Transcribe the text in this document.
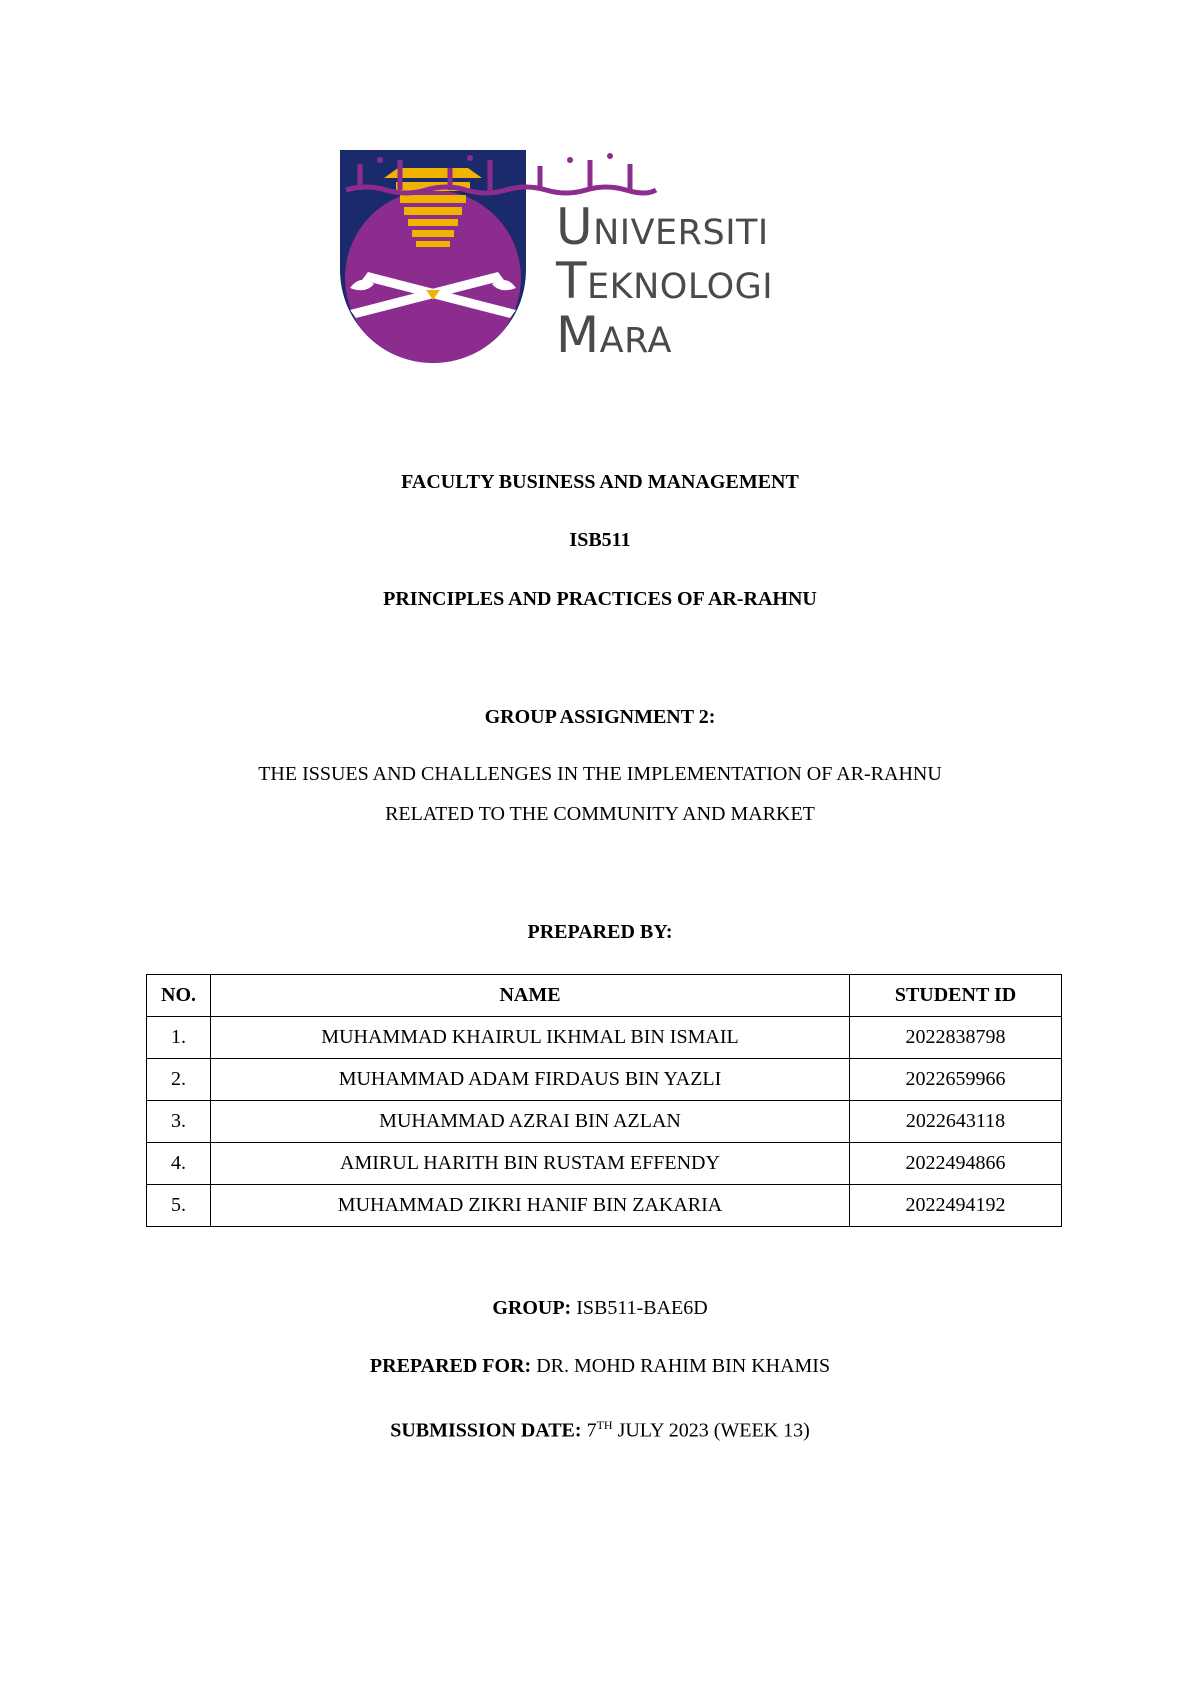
Universiti
Teknologi
Mara
FACULTY BUSINESS AND MANAGEMENT
ISB511
PRINCIPLES AND PRACTICES OF AR-RAHNU
GROUP ASSIGNMENT 2:
THE ISSUES AND CHALLENGES IN THE IMPLEMENTATION OF AR-RAHNU
RELATED TO THE COMMUNITY AND MARKET
PREPARED BY:
NO.	NAME	STUDENT ID
1.	MUHAMMAD KHAIRUL IKHMAL BIN ISMAIL	2022838798
2.	MUHAMMAD ADAM FIRDAUS BIN YAZLI	2022659966
3.	MUHAMMAD AZRAI BIN AZLAN	2022643118
4.	AMIRUL HARITH BIN RUSTAM EFFENDY	2022494866
5.	MUHAMMAD ZIKRI HANIF BIN ZAKARIA	2022494192
GROUP: ISB511-BAE6D
PREPARED FOR: DR. MOHD RAHIM BIN KHAMIS
SUBMISSION DATE: 7TH JULY 2023 (WEEK 13)
